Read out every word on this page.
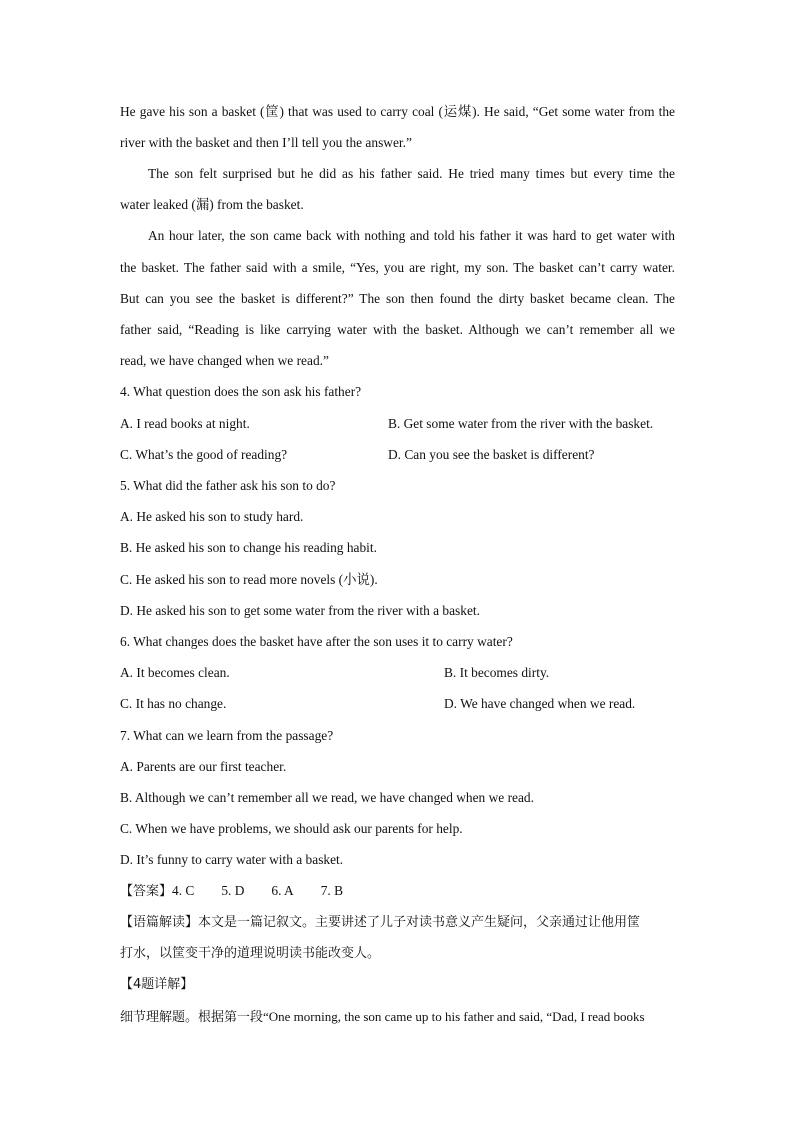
He gave his son a basket (筐) that was used to carry coal (运煤). He said, “Get some water from the
river with the basket and then I’ll tell you the answer.”
The son felt surprised but he did as his father said. He tried many times but every time the
water leaked (漏) from the basket.
An hour later, the son came back with nothing and told his father it was hard to get water with
the basket. The father said with a smile, “Yes, you are right, my son. The basket can’t carry water.
But can you see the basket is different?” The son then found the dirty basket became clean. The
father said, “Reading is like carrying water with the basket. Although we can’t remember all we
read, we have changed when we read.”
4. What question does the son ask his father?
A. I read books at night.	B. Get some water from the river with the basket.
C. What’s the good of reading?	D. Can you see the basket is different?
5. What did the father ask his son to do?
A. He asked his son to study hard.
B. He asked his son to change his reading habit.
C. He asked his son to read more novels (小说).
D. He asked his son to get some water from the river with a basket.
6. What changes does the basket have after the son uses it to carry water?
A. It becomes clean.	B. It becomes dirty.
C. It has no change.	D. We have changed when we read.
7. What can we learn from the passage?
A. Parents are our first teacher.
B. Although we can’t remember all we read, we have changed when we read.
C. When we have problems, we should ask our parents for help.
D. It’s funny to carry water with a basket.
【答案】4. C 5. D 6. A 7. B
【语篇解读】本文是一篇记叙文。主要讲述了儿子对读书意义产生疑问，父亲通过让他用筐
打水，以筐变干净的道理说明读书能改变人。
【4题详解】
细节理解题。根据第一段“One morning, the son came up to his father and said, “Dad, I read books
